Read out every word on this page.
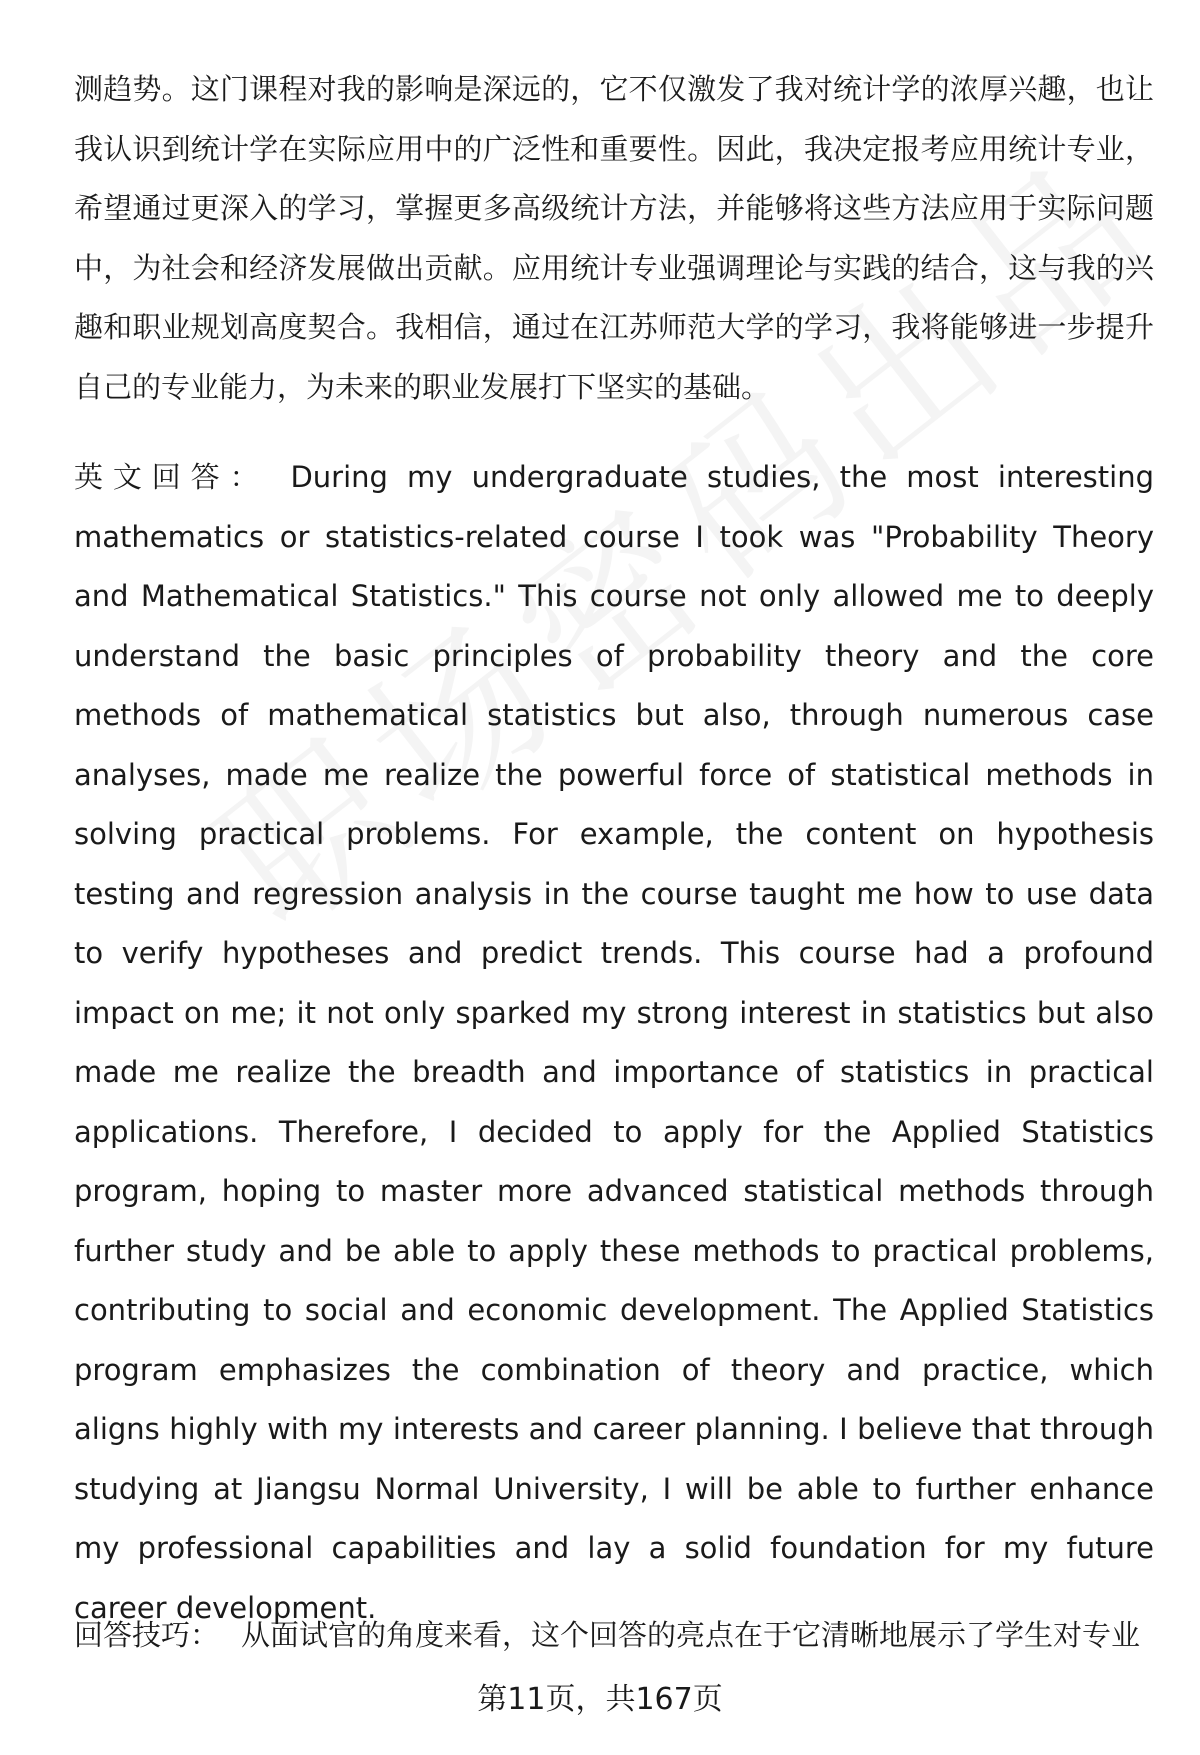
测趋势。这门课程对我的影响是深远的，它不仅激发了我对统计学的浓厚兴趣，也让我认识到统计学在实际应用中的广泛性和重要性。因此，我决定报考应用统计专业，希望通过更深入的学习，掌握更多高级统计方法，并能够将这些方法应用于实际问题中，为社会和经济发展做出贡献。应用统计专业强调理论与实践的结合，这与我的兴趣和职业规划高度契合。我相信，通过在江苏师范大学的学习，我将能够进一步提升自己的专业能力，为未来的职业发展打下坚实的基础。

英文回答： During my undergraduate studies, the most interesting mathematics or statistics-related course I took was "Probability Theory and Mathematical Statistics." This course not only allowed me to deeply understand the basic principles of probability theory and the core methods of mathematical statistics but also, through numerous case analyses, made me realize the powerful force of statistical methods in solving practical problems. For example, the content on hypothesis testing and regression analysis in the course taught me how to use data to verify hypotheses and predict trends. This course had a profound impact on me; it not only sparked my strong interest in statistics but also made me realize the breadth and importance of statistics in practical applications. Therefore, I decided to apply for the Applied Statistics program, hoping to master more advanced statistical methods through further study and be able to apply these methods to practical problems, contributing to social and economic development. The Applied Statistics program emphasizes the combination of theory and practice, which aligns highly with my interests and career planning. I believe that through studying at Jiangsu Normal University, I will be able to further enhance my professional capabilities and lay a solid foundation for my future career development.

回答技巧： 从面试官的角度来看，这个回答的亮点在于它清晰地展示了学生对专业

第11页，共167页
